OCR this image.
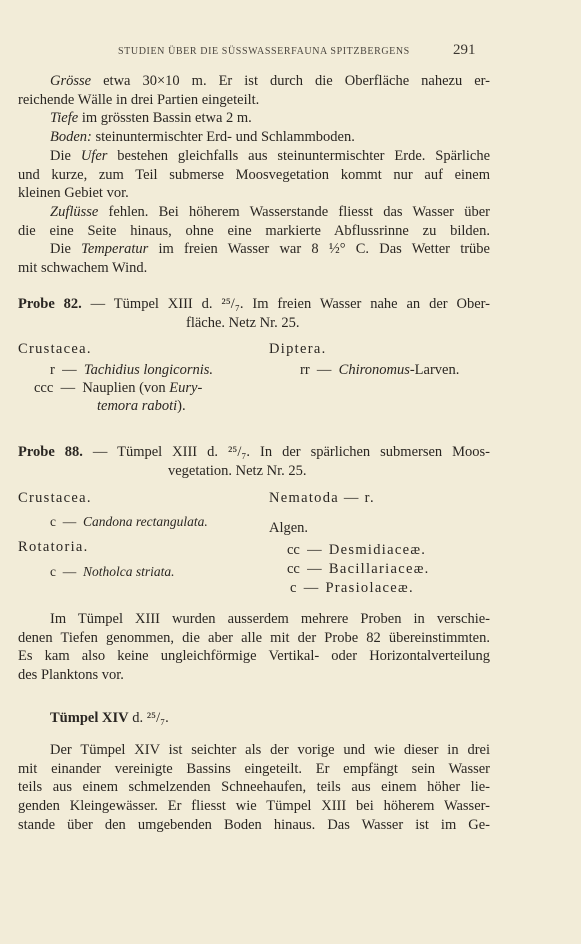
STUDIEN ÜBER DIE SÜSSWASSERFAUNA SPITZBERGENS	291

Grösse etwa 30×10 m. Er ist durch die Oberfläche nahezu er-

reichende Wälle in drei Partien eingeteilt.

Tiefe im grössten Bassin etwa 2 m.

Boden: steinuntermischter Erd- und Schlammboden.

Die Ufer bestehen gleichfalls aus steinuntermischter Erde. Spärliche

und kurze, zum Teil submerse Moosvegetation kommt nur auf einem

kleinen Gebiet vor.

Zuflüsse fehlen. Bei höherem Wasserstande fliesst das Wasser über

die eine Seite hinaus, ohne eine markierte Abflussrinne zu bilden.

Die Temperatur im freien Wasser war 8 ½° C. Das Wetter trübe

mit schwachem Wind.

Probe 82. — Tümpel XIII d. ²⁵/₇. Im freien Wasser nahe an der Ober-

fläche. Netz Nr. 25.

Crustacea.
r — Tachidius longicornis.
ccc — Nauplien (von Eury-
temora raboti).
Diptera.
rr — Chironomus-Larven.

Probe 88. — Tümpel XIII d. ²⁵/₇. In der spärlichen submersen Moos-

vegetation. Netz Nr. 25.

Crustacea.
c — Candona rectangulata.
Rotatoria.
c — Notholca striata.
Nematoda — r.
Algen.
cc — Desmidiaceæ.
cc — Bacillariaceæ.
c — Prasiolaceæ.

Im Tümpel XIII wurden ausserdem mehrere Proben in verschie-

denen Tiefen genommen, die aber alle mit der Probe 82 übereinstimmten.

Es kam also keine ungleichförmige Vertikal- oder Horizontalverteilung

des Planktons vor.

Tümpel XIV d. ²⁵/₇.

Der Tümpel XIV ist seichter als der vorige und wie dieser in drei

mit einander vereinigte Bassins eingeteilt. Er empfängt sein Wasser

teils aus einem schmelzenden Schneehaufen, teils aus einem höher lie-

genden Kleingewässer. Er fliesst wie Tümpel XIII bei höherem Wasser-

stande über den umgebenden Boden hinaus. Das Wasser ist im Ge-
